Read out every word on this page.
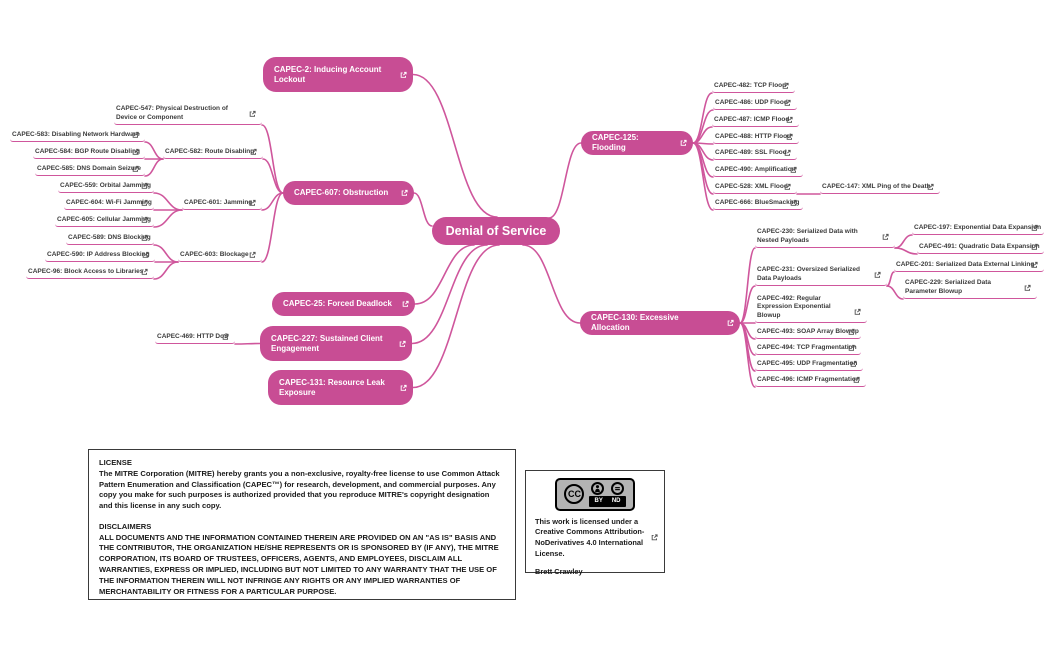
Denial of Service
CAPEC-2: Inducing Account Lockout
CAPEC-607: Obstruction
CAPEC-25: Forced Deadlock
CAPEC-227: Sustained Client Engagement
CAPEC-131: Resource Leak Exposure
CAPEC-125: Flooding
CAPEC-130: Excessive Allocation
CAPEC-547: Physical Destruction of Device or Component
CAPEC-582: Route Disabling
CAPEC-583: Disabling Network Hardware
CAPEC-584: BGP Route Disabling
CAPEC-585: DNS Domain Seizure
CAPEC-601: Jamming
CAPEC-559: Orbital Jamming
CAPEC-604: Wi-Fi Jamming
CAPEC-605: Cellular Jamming
CAPEC-603: Blockage
CAPEC-589: DNS Blocking
CAPEC-590: IP Address Blocking
CAPEC-96: Block Access to Libraries
CAPEC-469: HTTP DoS
CAPEC-482: TCP Flood
CAPEC-486: UDP Flood
CAPEC-487: ICMP Flood
CAPEC-488: HTTP Flood
CAPEC-489: SSL Flood
CAPEC-490: Amplification
CAPEC-528: XML Flood	CAPEC-147: XML Ping of the Death
CAPEC-666: BlueSmacking
CAPEC-230: Serialized Data with Nested Payloads
CAPEC-197: Exponential Data Expansion
CAPEC-491: Quadratic Data Expansion
CAPEC-231: Oversized Serialized Data Payloads
CAPEC-201: Serialized Data External Linking
CAPEC-229: Serialized Data Parameter Blowup
CAPEC-492: Regular Expression Exponential Blowup
CAPEC-493: SOAP Array Blowup
CAPEC-494: TCP Fragmentation
CAPEC-495: UDP Fragmentation
CAPEC-496: ICMP Fragmentation
LICENSE
The MITRE Corporation (MITRE) hereby grants you a non-exclusive, royalty-free license to use Common Attack Pattern Enumeration and Classification (CAPEC™) for research, development, and commercial purposes. Any copy you make for such purposes is authorized provided that you reproduce MITRE's copyright designation and this license in any such copy.
DISCLAIMERS
ALL DOCUMENTS AND THE INFORMATION CONTAINED THEREIN ARE PROVIDED ON AN "AS IS" BASIS AND THE CONTRIBUTOR, THE ORGANIZATION HE/SHE REPRESENTS OR IS SPONSORED BY (IF ANY), THE MITRE CORPORATION, ITS BOARD OF TRUSTEES, OFFICERS, AGENTS, AND EMPLOYEES, DISCLAIM ALL WARRANTIES, EXPRESS OR IMPLIED, INCLUDING BUT NOT LIMITED TO ANY WARRANTY THAT THE USE OF THE INFORMATION THEREIN WILL NOT INFRINGE ANY RIGHTS OR ANY IMPLIED WARRANTIES OF MERCHANTABILITY OR FITNESS FOR A PARTICULAR PURPOSE.
CC
BY ND
This work is licensed under a Creative Commons Attribution-NoDerivatives 4.0 International License.
Brett Crawley
